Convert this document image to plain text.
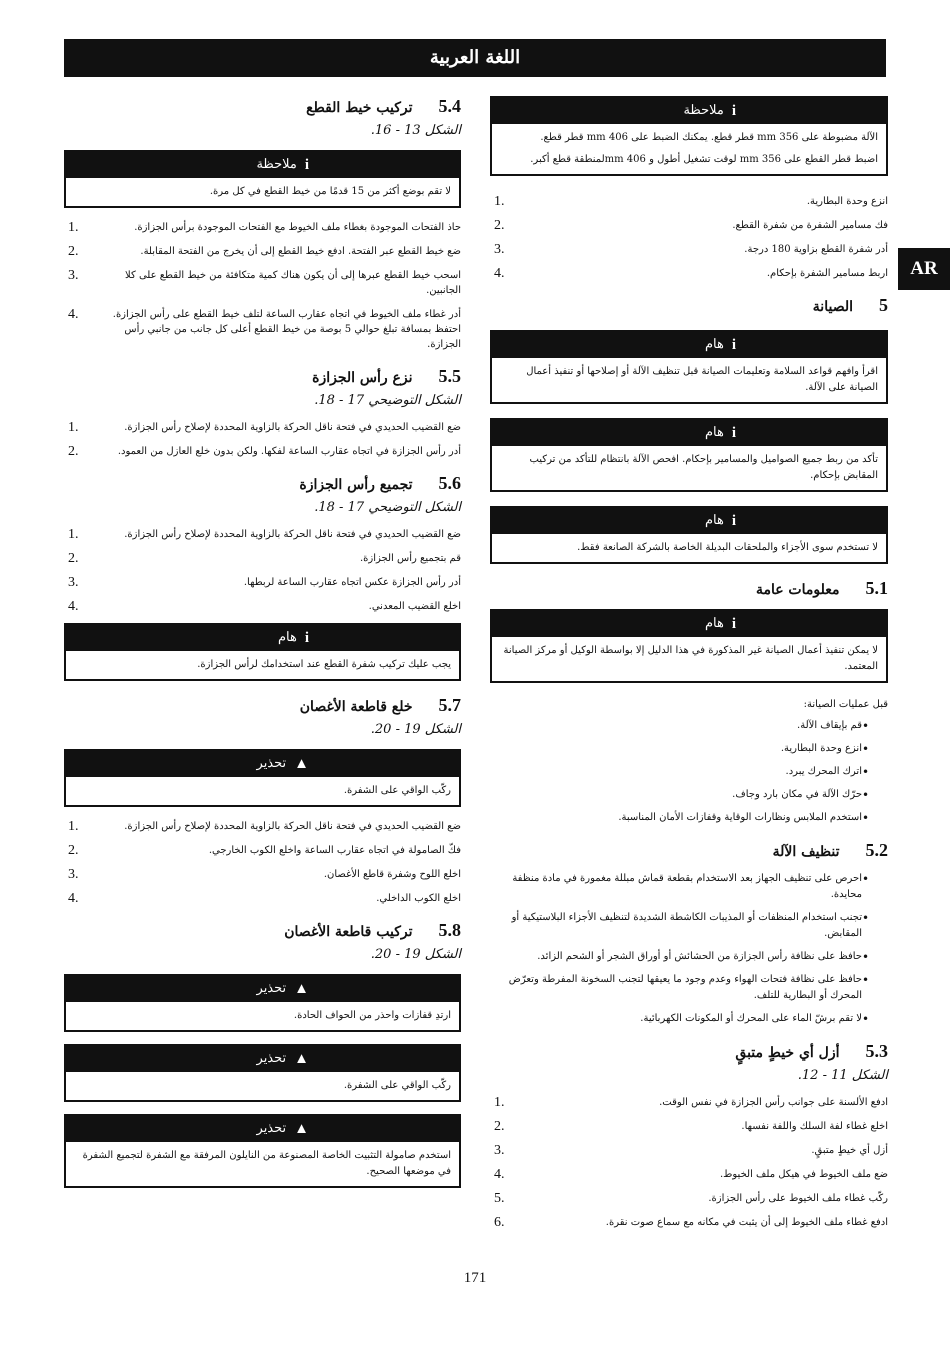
اللغة العربية
AR
i
ملاحظة
الآلة مضبوطة على 356 mm قطر قطع. يمكنك الضبط على 406 mm قطر قطع.
اضبط قطر القطع على 356 mm لوقت تشغيل أطول و 406 mmلمنطقة قطع أكبر.
انزع وحدة البطارية.
1.
فك مسامير الشفرة من شفرة القطع.
2.
أدر شفرة القطع بزاوية 180 درجة.
3.
اربط مسامير الشفرة بإحكام.
4.
5
الصيانة
i
هام
اقرأ وافهم قواعد السلامة وتعليمات الصيانة قبل تنظيف الآلة أو إصلاحها أو تنفيذ أعمال الصيانة على الآلة.
i
هام
تأكد من ربط جميع الصواميل والمسامير بإحكام. افحص الآلة بانتظام للتأكد من تركيب المقابض بإحكام.
i
هام
لا تستخدم سوى الأجزاء والملحقات البديلة الخاصة بالشركة الصانعة فقط.
5.1
معلومات عامة
i
هام
لا يمكن تنفيذ أعمال الصيانة غير المذكورة في هذا الدليل إلا بواسطة الوكيل أو مركز الصيانة المعتمد.
قبل عمليات الصيانة:
•
قم بإيقاف الآلة.
•
انزع وحدة البطارية.
•
اترك المحرك يبرد.
•
حرّك الآلة في مكان بارد وجاف.
•
استخدم الملابس ونظارات الوقاية وقفازات الأمان المناسبة.
5.2
تنظيف الآلة
•
احرص على تنظيف الجهاز بعد الاستخدام بقطعة قماش مبللة مغمورة في مادة منظفة محايدة.
•
تجنب استخدام المنظفات أو المذيبات الكاشطة الشديدة لتنظيف الأجزاء البلاستيكية أو المقابض.
•
حافظ على نظافة رأس الجزازة من الحشائش أو أوراق الشجر أو الشحم الزائد.
•
حافظ على نظافة فتحات الهواء وعدم وجود ما يعيقها لتجنب السخونة المفرطة وتعرّض المحرك أو البطارية للتلف.
•
لا تقم برشّ الماء على المحرك أو المكونات الكهربائية.
5.3
أزل أي خيطٍ متبقٍ
الشكل 11 - 12.
ادفع الألسنة على جوانب رأس الجزازة في نفس الوقت.
1.
اخلع غطاء لفة السلك واللفة نفسها.
2.
أزل أي خيطٍ متبقٍ.
3.
ضع ملف الخيوط في هيكل ملف الخيوط.
4.
ركّب غطاء ملف الخيوط على رأس الجزازة.
5.
ادفع غطاء ملف الخيوط إلى أن يثبت في مكانه مع سماع صوت نقرة.
6.
5.4
تركيب خيط القطع
الشكل 13 - 16.
i
ملاحظة
لا تقم بوضع أكثر من 15 قدمًا من خيط القطع في كل مرة.
حاذ الفتحات الموجودة بغطاء ملف الخيوط مع الفتحات الموجودة برأس الجزازة.
1.
ضع خيط القطع عبر الفتحة. ادفع خيط القطع إلى أن يخرج من الفتحة المقابلة.
2.
اسحب خيط القطع عبرها إلى أن يكون هناك كمية متكافئة من خيط القطع على كلا الجانبين.
3.
أدر غطاء ملف الخيوط في اتجاه عقارب الساعة لتلف خيط القطع على رأس الجزازة. احتفظ بمسافة تبلغ حوالي 5 بوصة من خيط القطع أعلى كل جانب من جانبي رأس الجزازة.
4.
5.5
نزع رأس الجزازة
الشكل التوضيحي 17 - 18.
ضع القضيب الحديدي في فتحة ناقل الحركة بالزاوية المحددة لإصلاح رأس الجزازة.
1.
أدر رأس الجزازة في اتجاه عقارب الساعة لفكها. ولكن بدون خلع العازل من العمود.
2.
5.6
تجميع رأس الجزازة
الشكل التوضيحي 17 - 18.
ضع القضيب الحديدي في فتحة ناقل الحركة بالزاوية المحددة لإصلاح رأس الجزازة.
1.
قم بتجميع رأس الجزازة.
2.
أدر رأس الجزازة عكس اتجاه عقارب الساعة لربطها.
3.
اخلع القضيب المعدني.
4.
i
هام
يجب عليك تركيب شفرة القطع عند استخدامك لرأس الجزازة.
5.7
خلع قاطعة الأغصان
الشكل 19 - 20.
▲
تحذير
ركّب الواقي على الشفرة.
ضع القضيب الحديدي في فتحة ناقل الحركة بالزاوية المحددة لإصلاح رأس الجزازة.
1.
فكّ الصامولة في اتجاه عقارب الساعة واخلع الكوب الخارجي.
2.
اخلع اللوح وشفرة قاطع الأغصان.
3.
اخلع الكوب الداخلي.
4.
5.8
تركيب قاطعة الأغصان
الشكل 19 - 20.
▲
تحذير
ارتدِ قفازات واحذر من الحواف الحادة.
▲
تحذير
ركّب الواقي على الشفرة.
▲
تحذير
استخدم صامولة التثبيت الخاصة المصنوعة من النايلون المرفقة مع الشفرة لتجميع الشفرة في موضعها الصحيح.
171
